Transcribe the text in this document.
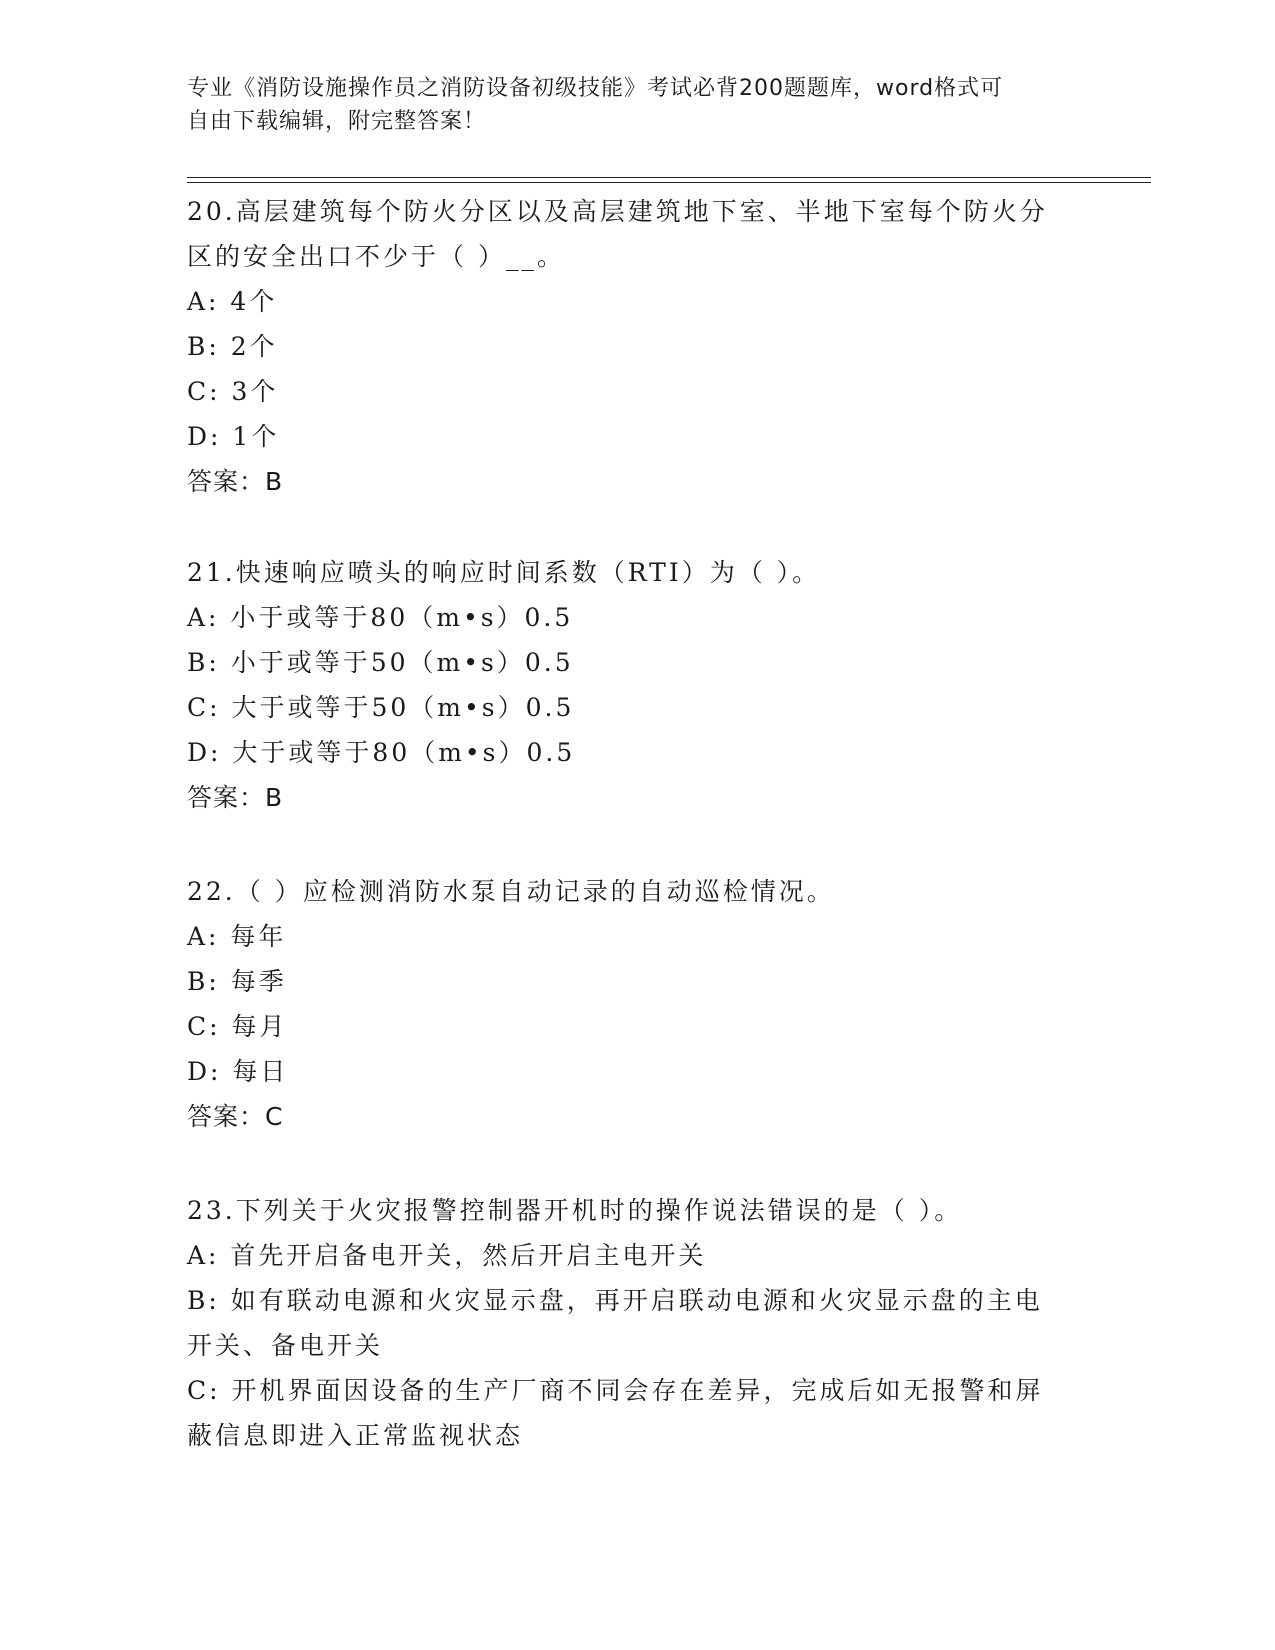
专业《消防设施操作员之消防设备初级技能》考试必背200题题库，word格式可
自由下载编辑，附完整答案！
20.高层建筑每个防火分区以及高层建筑地下室、半地下室每个防火分
区的安全出口不少于（ ）__。
A: 4个
B: 2个
C: 3个
D: 1个
答案：B
21.快速响应喷头的响应时间系数（RTI）为（ ）。
A: 小于或等于80（m•s）0.5
B: 小于或等于50（m•s）0.5
C: 大于或等于50（m•s）0.5
D: 大于或等于80（m•s）0.5
答案：B
22.（ ）应检测消防水泵自动记录的自动巡检情况。
A: 每年
B: 每季
C: 每月
D: 每日
答案：C
23.下列关于火灾报警控制器开机时的操作说法错误的是（ ）。
A: 首先开启备电开关，然后开启主电开关
B: 如有联动电源和火灾显示盘，再开启联动电源和火灾显示盘的主电
开关、备电开关
C: 开机界面因设备的生产厂商不同会存在差异，完成后如无报警和屏
蔽信息即进入正常监视状态
